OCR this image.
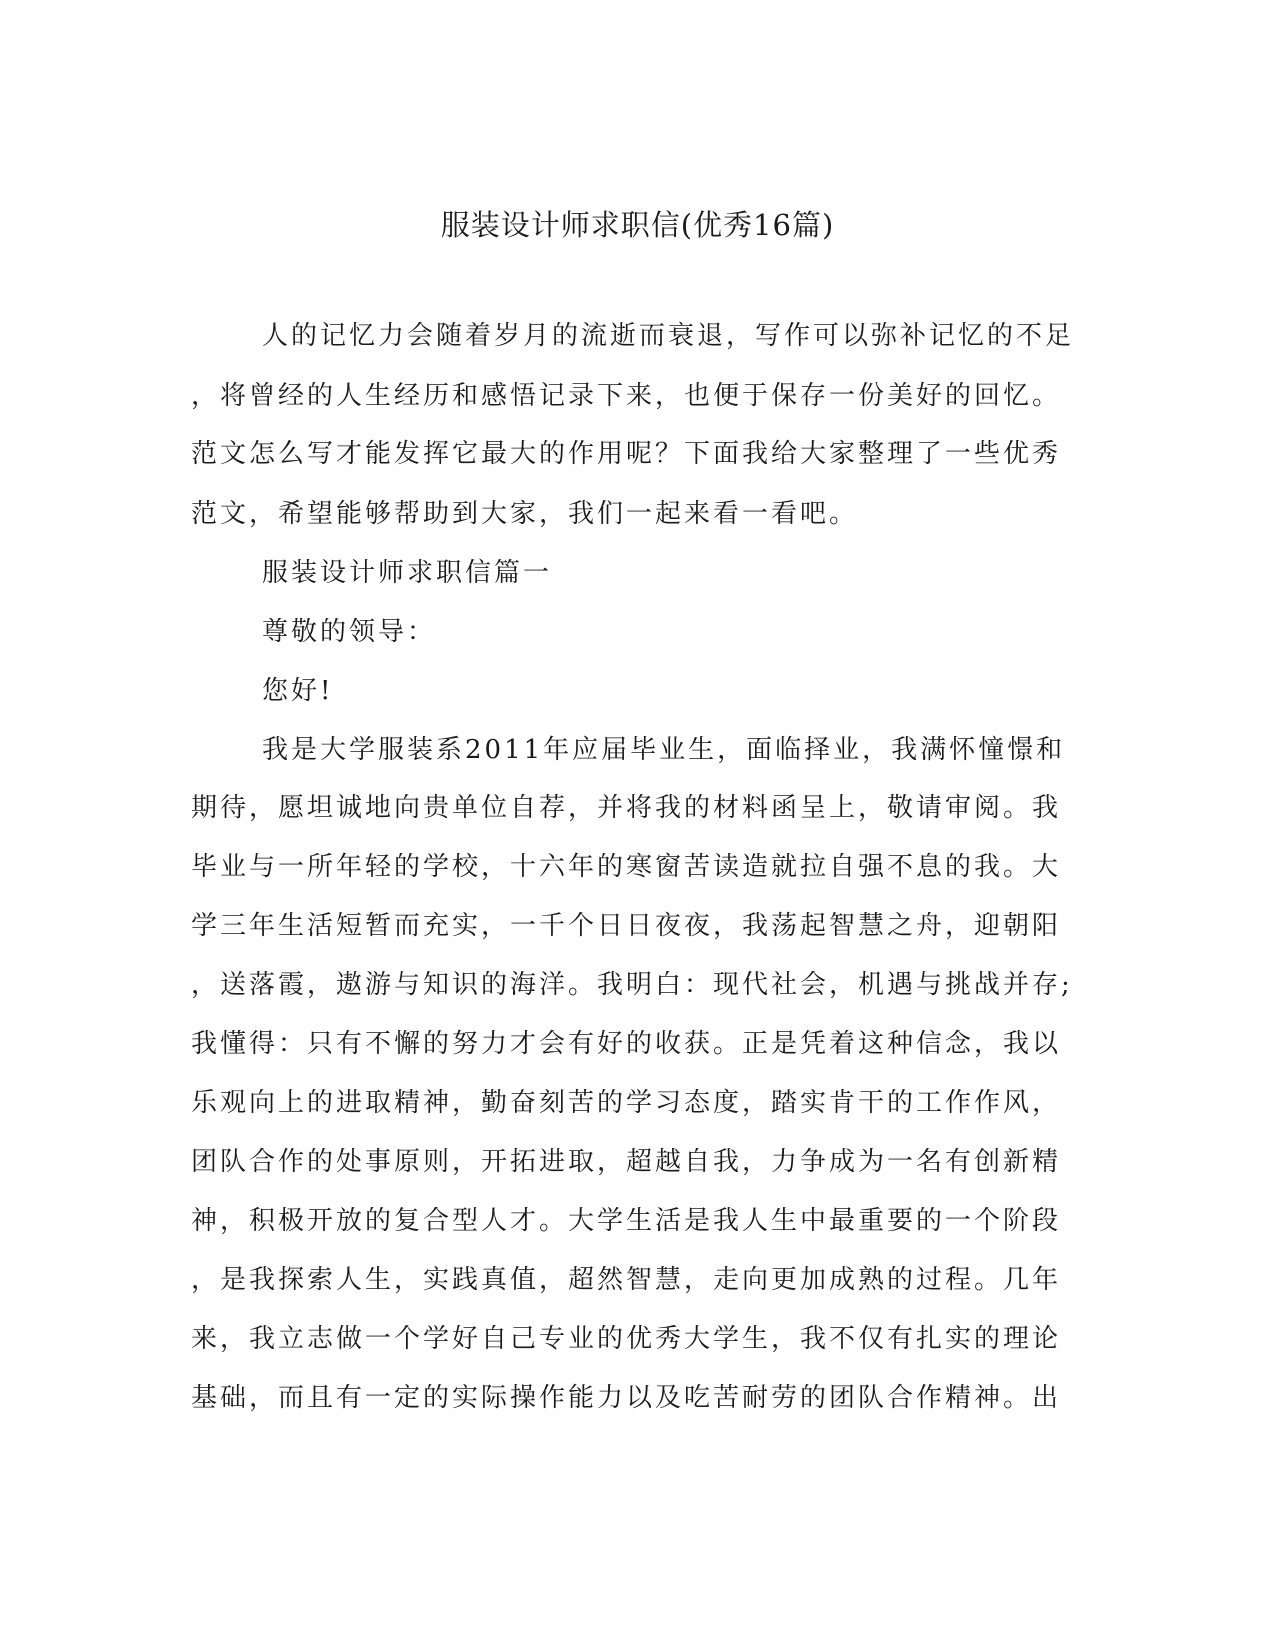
服装设计师求职信(优秀16篇)

人的记忆力会随着岁月的流逝而衰退，写作可以弥补记忆的不足

，将曾经的人生经历和感悟记录下来，也便于保存一份美好的回忆。

范文怎么写才能发挥它最大的作用呢？下面我给大家整理了一些优秀

范文，希望能够帮助到大家，我们一起来看一看吧。

服装设计师求职信篇一

尊敬的领导：

您好!

我是大学服装系2011年应届毕业生，面临择业，我满怀憧憬和

期待，愿坦诚地向贵单位自荐，并将我的材料函呈上，敬请审阅。我

毕业与一所年轻的学校，十六年的寒窗苦读造就拉自强不息的我。大

学三年生活短暂而充实，一千个日日夜夜，我荡起智慧之舟，迎朝阳

，送落霞，遨游与知识的海洋。我明白：现代社会，机遇与挑战并存;

我懂得：只有不懈的努力才会有好的收获。正是凭着这种信念，我以

乐观向上的进取精神，勤奋刻苦的学习态度，踏实肯干的工作作风，

团队合作的处事原则，开拓进取，超越自我，力争成为一名有创新精

神，积极开放的复合型人才。大学生活是我人生中最重要的一个阶段

，是我探索人生，实践真值，超然智慧，走向更加成熟的过程。几年

来，我立志做一个学好自己专业的优秀大学生，我不仅有扎实的理论

基础，而且有一定的实际操作能力以及吃苦耐劳的团队合作精神。出
